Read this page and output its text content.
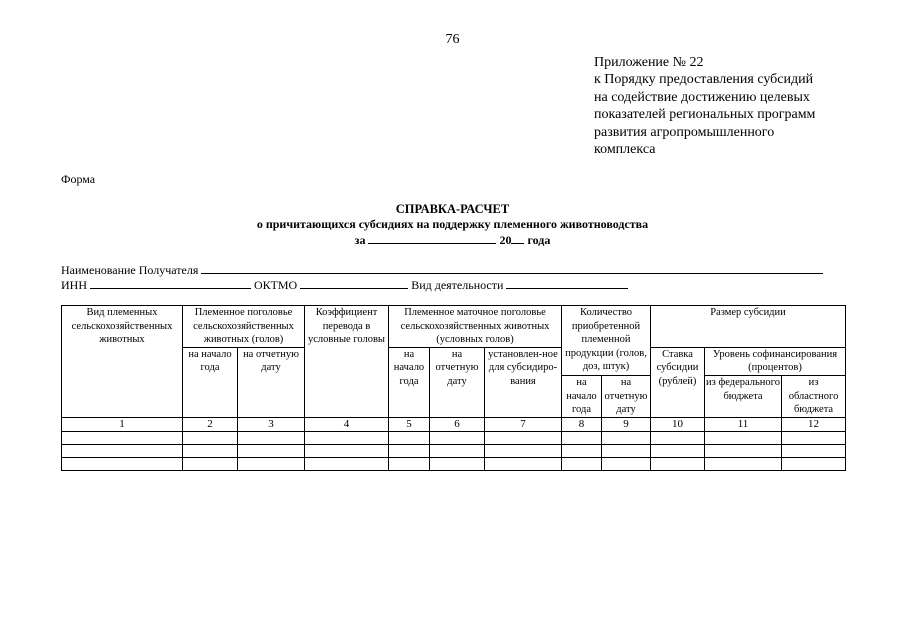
76
Приложение № 22
к Порядку предоставления субсидий
на содействие достижению целевых
показателей региональных программ
развития агропромышленного
комплекса
Форма
СПРАВКА-РАСЧЕТ
о причитающихся субсидиях на поддержку племенного животноводства
за	20 года
Наименование Получателя
ИНН	ОКТМО	Вид деятельности
Вид племенных сельскохозяйственных животных	Племенное поголовье сельскохозяйственных животных (голов)		Коэффициент перевода в условные головы	Племенное маточное поголовье сельскохозяйственных животных (условных голов)			Количество приобретенной племенной продукции (голов, доз, штук)		Размер субсидии		
	на начало года	на отчетную дату		на начало года	на отчетную дату	установлен-ное для субсидиро-вания			Ставка субсидии (рублей)	Уровень софинансирования (процентов)	
							на начало года	на отчетную дату		из федерального бюджета	из областного бюджета
1	2	3	4	5	6	7	8	9	10	11	12
